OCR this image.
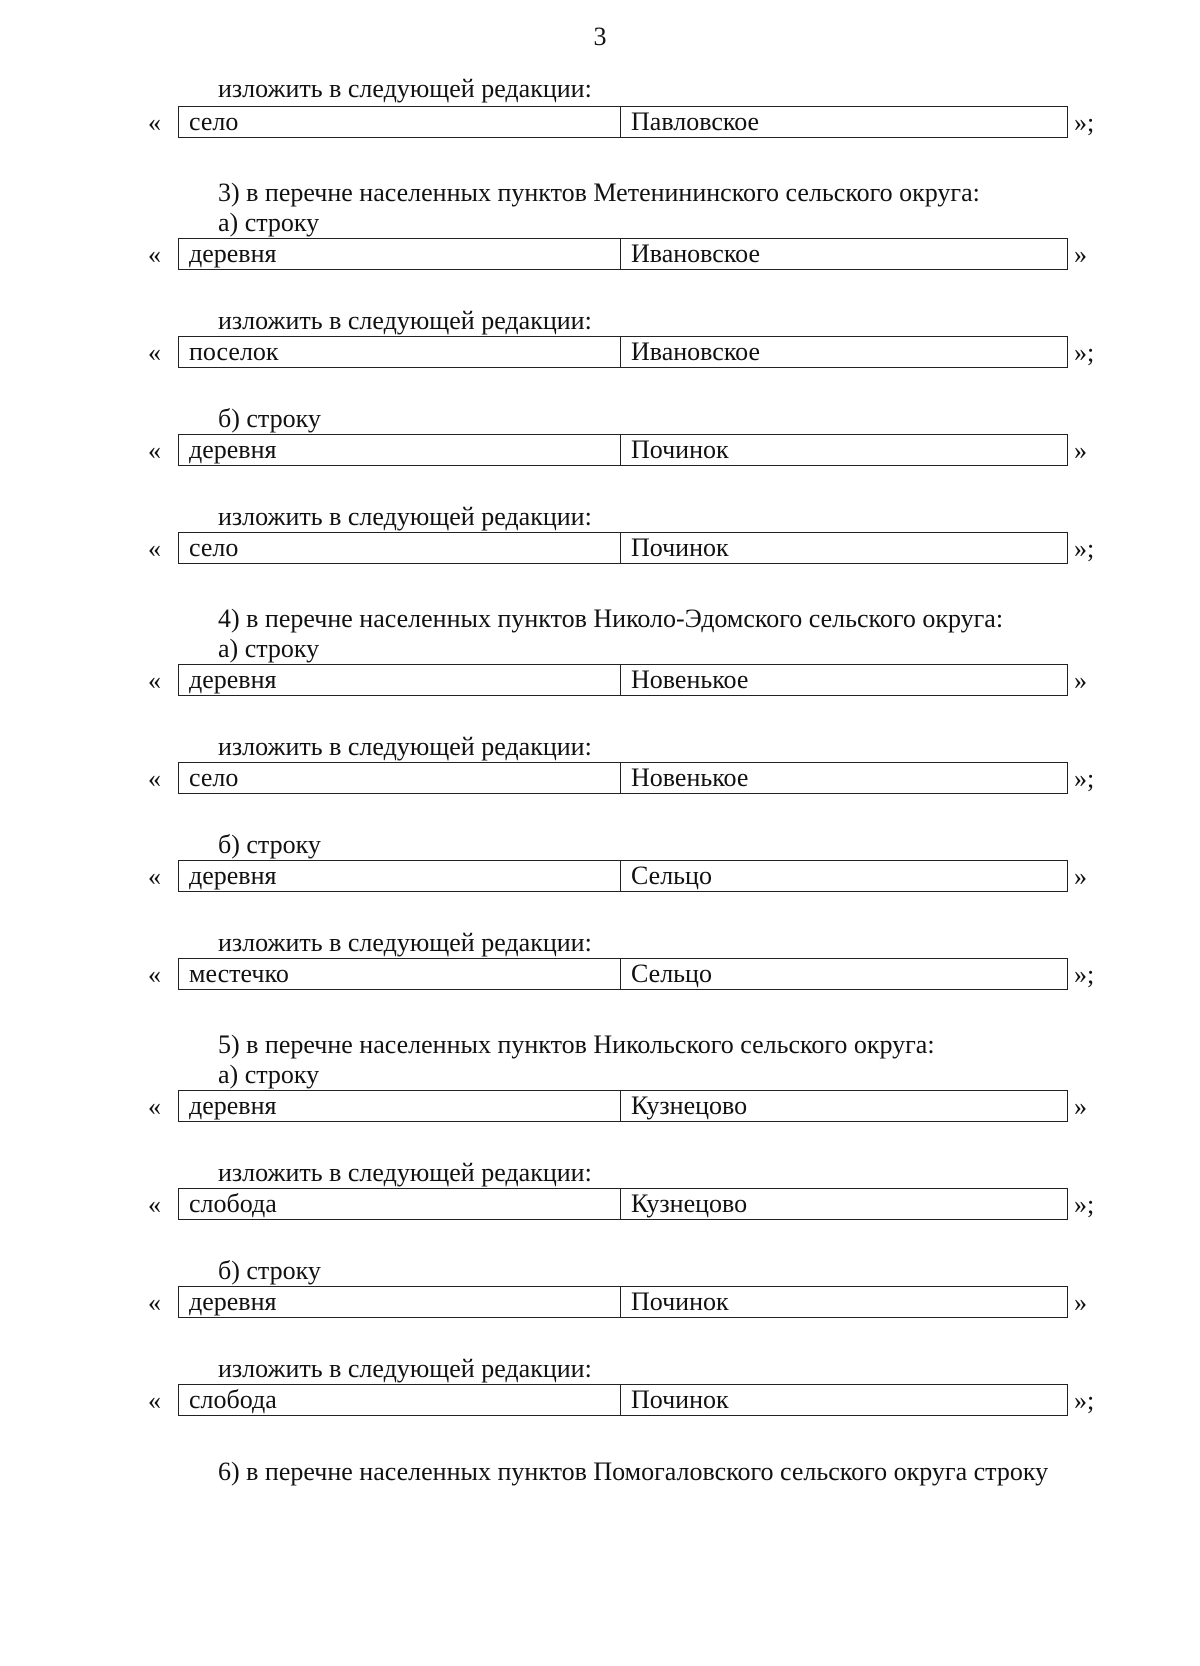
3
изложить в следующей редакции:
«	село	Павловское	»;
3) в перечне населенных пунктов Метенининского сельского округа:
а) строку
«	деревня	Ивановское	»
изложить в следующей редакции:
«	поселок	Ивановское	»;
б) строку
«	деревня	Починок	»
изложить в следующей редакции:
«	село	Починок	»;
4) в перечне населенных пунктов Николо-Эдомского сельского округа:
а) строку
«	деревня	Новенькое	»
изложить в следующей редакции:
«	село	Новенькое	»;
б) строку
«	деревня	Сельцо	»
изложить в следующей редакции:
«	местечко	Сельцо	»;
5) в перечне населенных пунктов Никольского сельского округа:
а) строку
«	деревня	Кузнецово	»
изложить в следующей редакции:
«	слобода	Кузнецово	»;
б) строку
«	деревня	Починок	»
изложить в следующей редакции:
«	слобода	Починок	»;
6) в перечне населенных пунктов Помогаловского сельского округа строку
